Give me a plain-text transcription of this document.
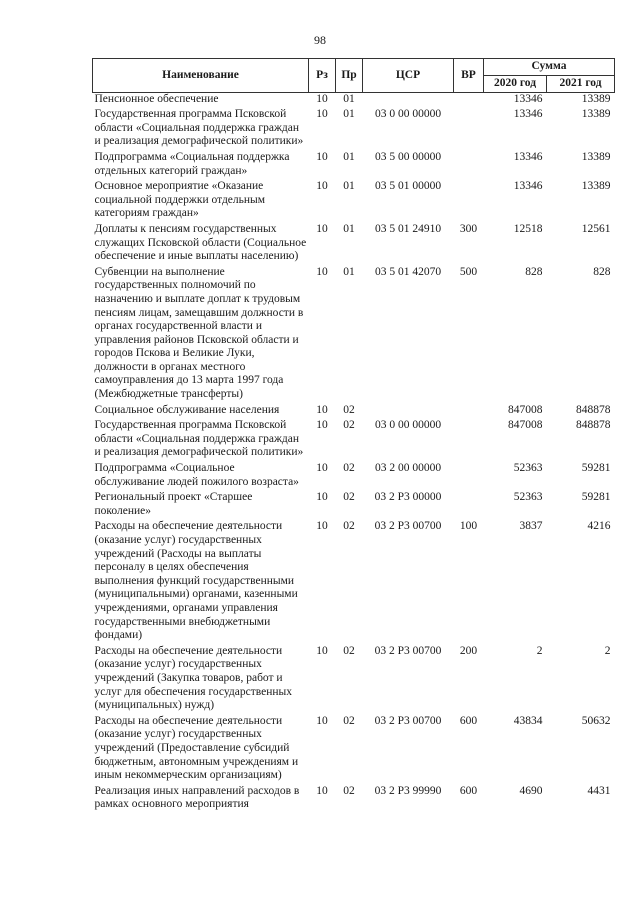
98
Наименование	Рз	Пр	ЦСР	ВР	Сумма	
					2020 год	2021 год
Пенсионное обеспечение	10	01			13346	13389
Государственная программа Псковской области «Социальная поддержка граждан и реализация демографической политики»	10	01	03 0 00 00000		13346	13389
Подпрограмма «Социальная поддержка отдельных категорий граждан»	10	01	03 5 00 00000		13346	13389
Основное мероприятие «Оказание социальной поддержки отдельным категориям граждан»	10	01	03 5 01 00000		13346	13389
Доплаты к пенсиям государственных служащих Псковской области (Социальное обеспечение и иные выплаты населению)	10	01	03 5 01 24910	300	12518	12561
Субвенции на выполнение государственных полномочий по назначению и выплате доплат к трудовым пенсиям лицам, замещавшим должности в органах государственной власти и управления районов Псковской области и городов Пскова и Великие Луки, должности в органах местного самоуправления до 13 марта 1997 года (Межбюджетные трансферты)	10	01	03 5 01 42070	500	828	828
Социальное обслуживание населения	10	02			847008	848878
Государственная программа Псковской области «Социальная поддержка граждан и реализация демографической политики»	10	02	03 0 00 00000		847008	848878
Подпрограмма «Социальное обслуживание людей пожилого возраста»	10	02	03 2 00 00000		52363	59281
Региональный проект «Старшее поколение»	10	02	03 2 P3 00000		52363	59281
Расходы на обеспечение деятельности (оказание услуг) государственных учреждений (Расходы на выплаты персоналу в целях обеспечения выполнения функций государственными (муниципальными) органами, казенными учреждениями, органами управления государственными внебюджетными фондами)	10	02	03 2 P3 00700	100	3837	4216
Расходы на обеспечение деятельности (оказание услуг) государственных учреждений (Закупка товаров, работ и услуг для обеспечения государственных (муниципальных) нужд)	10	02	03 2 P3 00700	200	2	2
Расходы на обеспечение деятельности (оказание услуг) государственных учреждений (Предоставление субсидий бюджетным, автономным учреждениям и иным некоммерческим организациям)	10	02	03 2 P3 00700	600	43834	50632
Реализация иных направлений расходов в рамках основного мероприятия	10	02	03 2 P3 99990	600	4690	4431
